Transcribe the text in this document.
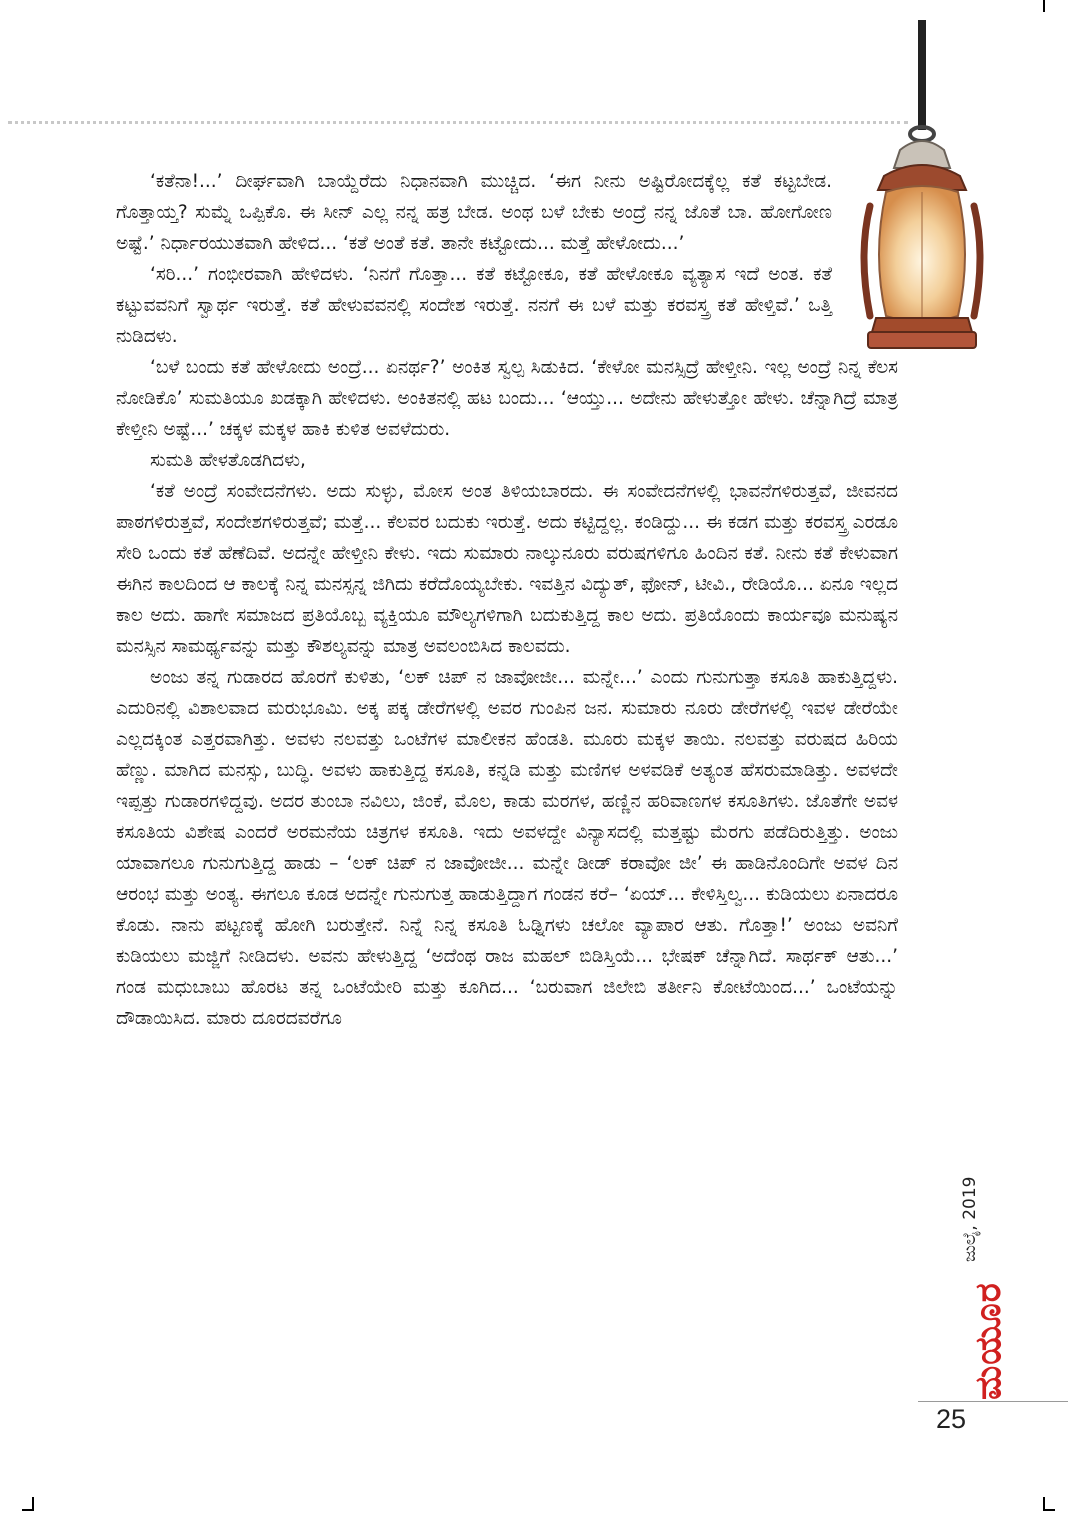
‘ಕತೆನಾ!...’ ದೀರ್ಘವಾಗಿ ಬಾಯ್ದೆರೆದು ನಿಧಾನವಾಗಿ ಮುಚ್ಚಿದ. ‘ಈಗ ನೀನು ಅಷ್ಟಿರೋದಕ್ಕೆಲ್ಲ ಕತೆ ಕಟ್ಟಬೇಡ. ಗೊತ್ತಾಯ್ತ? ಸುಮ್ನೆ ಒಪ್ಪಿಕೊ. ಈ ಸೀನ್ ಎಲ್ಲ ನನ್ನ ಹತ್ರ ಬೇಡ. ಅಂಥ ಬಳೆ ಬೇಕು ಅಂದ್ರೆ ನನ್ನ ಜೊತೆ ಬಾ. ಹೋಗೋಣ ಅಷ್ಟೆ.’ ನಿರ್ಧಾರಯುತವಾಗಿ ಹೇಳಿದ... ‘ಕತೆ ಅಂತೆ ಕತೆ. ತಾನೇ ಕಟ್ಟೋದು... ಮತ್ತೆ ಹೇಳೋದು...’

‘ಸರಿ...’ ಗಂಭೀರವಾಗಿ ಹೇಳಿದಳು. ‘ನಿನಗೆ ಗೊತ್ತಾ... ಕತೆ ಕಟ್ಟೋಕೂ, ಕತೆ ಹೇಳೋಕೂ ವ್ಯತ್ಯಾಸ ಇದೆ ಅಂತ. ಕತೆ ಕಟ್ಟುವವನಿಗೆ ಸ್ವಾರ್ಥ ಇರುತ್ತೆ. ಕತೆ ಹೇಳುವವನಲ್ಲಿ ಸಂದೇಶ ಇರುತ್ತೆ. ನನಗೆ ಈ ಬಳೆ ಮತ್ತು ಕರವಸ್ತ್ರ ಕತೆ ಹೇಳ್ತಿವೆ.’ ಒತ್ತಿ ನುಡಿದಳು.

‘ಬಳೆ ಬಂದು ಕತೆ ಹೇಳೋದು ಅಂದ್ರೆ... ಏನರ್ಥ?’ ಅಂಕಿತ ಸ್ವಲ್ಪ ಸಿಡುಕಿದ. ‘ಕೇಳೋ ಮನಸ್ಸಿದ್ರೆ ಹೇಳ್ತೀನಿ. ಇಲ್ಲ ಅಂದ್ರೆ ನಿನ್ನ ಕೆಲಸ ನೋಡಿಕೊ’ ಸುಮತಿಯೂ ಖಡಕ್ಕಾಗಿ ಹೇಳಿದಳು. ಅಂಕಿತನಲ್ಲಿ ಹಟ ಬಂದು... ‘ಆಯ್ತು... ಅದೇನು ಹೇಳುತ್ತೋ ಹೇಳು. ಚೆನ್ನಾಗಿದ್ರೆ ಮಾತ್ರ ಕೇಳ್ತೀನಿ ಅಷ್ಟೆ...’ ಚಕ್ಕಳ ಮಕ್ಕಳ ಹಾಕಿ ಕುಳಿತ ಅವಳೆದುರು.

ಸುಮತಿ ಹೇಳತೊಡಗಿದಳು,

‘ಕತೆ ಅಂದ್ರೆ ಸಂವೇದನೆಗಳು. ಅದು ಸುಳ್ಳು, ಮೋಸ ಅಂತ ತಿಳಿಯಬಾರದು. ಈ ಸಂವೇದನೆಗಳಲ್ಲಿ ಭಾವನೆಗಳಿರುತ್ತವೆ, ಜೀವನದ ಪಾಠಗಳಿರುತ್ತವೆ, ಸಂದೇಶಗಳಿರುತ್ತವೆ; ಮತ್ತೆ... ಕೆಲವರ ಬದುಕು ಇರುತ್ತೆ. ಅದು ಕಟ್ಟಿದ್ದಲ್ಲ. ಕಂಡಿದ್ದು... ಈ ಕಡಗ ಮತ್ತು ಕರವಸ್ತ್ರ ಎರಡೂ ಸೇರಿ ಒಂದು ಕತೆ ಹೆಣೆದಿವೆ. ಅದನ್ನೇ ಹೇಳ್ತೀನಿ ಕೇಳು. ಇದು ಸುಮಾರು ನಾಲ್ಕುನೂರು ವರುಷಗಳಿಗೂ ಹಿಂದಿನ ಕತೆ. ನೀನು ಕತೆ ಕೇಳುವಾಗ ಈಗಿನ ಕಾಲದಿಂದ ಆ ಕಾಲಕ್ಕೆ ನಿನ್ನ ಮನಸ್ಸನ್ನ ಜಿಗಿದು ಕರೆದೊಯ್ಯಬೇಕು. ಇವತ್ತಿನ ವಿದ್ಯುತ್, ಫೋನ್, ಟೀವಿ., ರೇಡಿಯೊ... ಏನೂ ಇಲ್ಲದ ಕಾಲ ಅದು. ಹಾಗೇ ಸಮಾಜದ ಪ್ರತಿಯೊಬ್ಬ ವ್ಯಕ್ತಿಯೂ ಮೌಲ್ಯಗಳಿಗಾಗಿ ಬದುಕುತ್ತಿದ್ದ ಕಾಲ ಅದು. ಪ್ರತಿಯೊಂದು ಕಾರ್ಯವೂ ಮನುಷ್ಯನ ಮನಸ್ಸಿನ ಸಾಮರ್ಥ್ಯವನ್ನು ಮತ್ತು ಕೌಶಲ್ಯವನ್ನು ಮಾತ್ರ ಅವಲಂಬಿಸಿದ ಕಾಲವದು.

ಅಂಜು ತನ್ನ ಗುಡಾರದ ಹೊರಗೆ ಕುಳಿತು, ‘ಲಕ್ ಚಿಪ್ ನ ಜಾವೋಜೀ... ಮನ್ನೇ...’ ಎಂದು ಗುನುಗುತ್ತಾ ಕಸೂತಿ ಹಾಕುತ್ತಿದ್ದಳು. ಎದುರಿನಲ್ಲಿ ವಿಶಾಲವಾದ ಮರುಭೂಮಿ. ಅಕ್ಕ ಪಕ್ಕ ಡೇರೆಗಳಲ್ಲಿ ಅವರ ಗುಂಪಿನ ಜನ. ಸುಮಾರು ನೂರು ಡೇರೆಗಳಲ್ಲಿ ಇವಳ ಡೇರೆಯೇ ಎಲ್ಲದಕ್ಕಿಂತ ಎತ್ತರವಾಗಿತ್ತು. ಅವಳು ನಲವತ್ತು ಒಂಟೆಗಳ ಮಾಲೀಕನ ಹೆಂಡತಿ. ಮೂರು ಮಕ್ಕಳ ತಾಯಿ. ನಲವತ್ತು ವರುಷದ ಹಿರಿಯ ಹೆಣ್ಣು. ಮಾಗಿದ ಮನಸ್ಸು, ಬುದ್ಧಿ. ಅವಳು ಹಾಕುತ್ತಿದ್ದ ಕಸೂತಿ, ಕನ್ನಡಿ ಮತ್ತು ಮಣಿಗಳ ಅಳವಡಿಕೆ ಅತ್ಯಂತ ಹೆಸರುಮಾಡಿತ್ತು. ಅವಳದೇ ಇಪ್ಪತ್ತು ಗುಡಾರಗಳಿದ್ದವು. ಅದರ ತುಂಬಾ ನವಿಲು, ಜಿಂಕೆ, ಮೊಲ, ಕಾಡು ಮರಗಳ, ಹಣ್ಣಿನ ಹರಿವಾಣಗಳ ಕಸೂತಿಗಳು. ಜೊತೆಗೇ ಅವಳ ಕಸೂತಿಯ ವಿಶೇಷ ಎಂದರೆ ಅರಮನೆಯ ಚಿತ್ರಗಳ ಕಸೂತಿ. ಇದು ಅವಳದ್ದೇ ವಿನ್ಯಾಸದಲ್ಲಿ ಮತ್ತಷ್ಟು ಮೆರಗು ಪಡೆದಿರುತ್ತಿತ್ತು. ಅಂಜು ಯಾವಾಗಲೂ ಗುನುಗುತ್ತಿದ್ದ ಹಾಡು – ‘ಲಕ್ ಚಿಪ್ ನ ಜಾವೋಜೀ... ಮನ್ನೇ ಡೀಡ್ ಕರಾವೋ ಜೀ’ ಈ ಹಾಡಿನೊಂದಿಗೇ ಅವಳ ದಿನ ಆರಂಭ ಮತ್ತು ಅಂತ್ಯ. ಈಗಲೂ ಕೂಡ ಅದನ್ನೇ ಗುನುಗುತ್ತ ಹಾಡುತ್ತಿದ್ದಾಗ ಗಂಡನ ಕರೆ– ‘ಏಯ್... ಕೇಳಿಸ್ತಿಲ್ವ... ಕುಡಿಯಲು ಏನಾದರೂ ಕೊಡು. ನಾನು ಪಟ್ಟಣಕ್ಕೆ ಹೋಗಿ ಬರುತ್ತೇನೆ. ನಿನ್ನೆ ನಿನ್ನ ಕಸೂತಿ ಓಢ್ನಿಗಳು ಚಲೋ ವ್ಯಾಪಾರ ಆತು. ಗೊತ್ತಾ!’ ಅಂಜು ಅವನಿಗೆ ಕುಡಿಯಲು ಮಜ್ಜಿಗೆ ನೀಡಿದಳು. ಅವನು ಹೇಳುತ್ತಿದ್ದ ‘ಅದೆಂಥ ರಾಜ ಮಹಲ್ ಬಿಡಿಸ್ತಿಯೆ... ಭೇಷಕ್ ಚೆನ್ನಾಗಿದೆ. ಸಾರ್ಥಕ್ ಆತು...’ ಗಂಡ ಮಧುಬಾಬು ಹೊರಟ ತನ್ನ ಒಂಟೆಯೇರಿ ಮತ್ತು ಕೂಗಿದ... ‘ಬರುವಾಗ ಜಿಲೇಬಿ ತರ್ತೀನಿ ಕೋಟೆಯಿಂದ...’ ಒಂಟೆಯನ್ನು ದೌಡಾಯಿಸಿದ. ಮಾರು ದೂರದವರೆಗೂ

ಜುಲೈ, 2019
ಮಯೂರ
25
